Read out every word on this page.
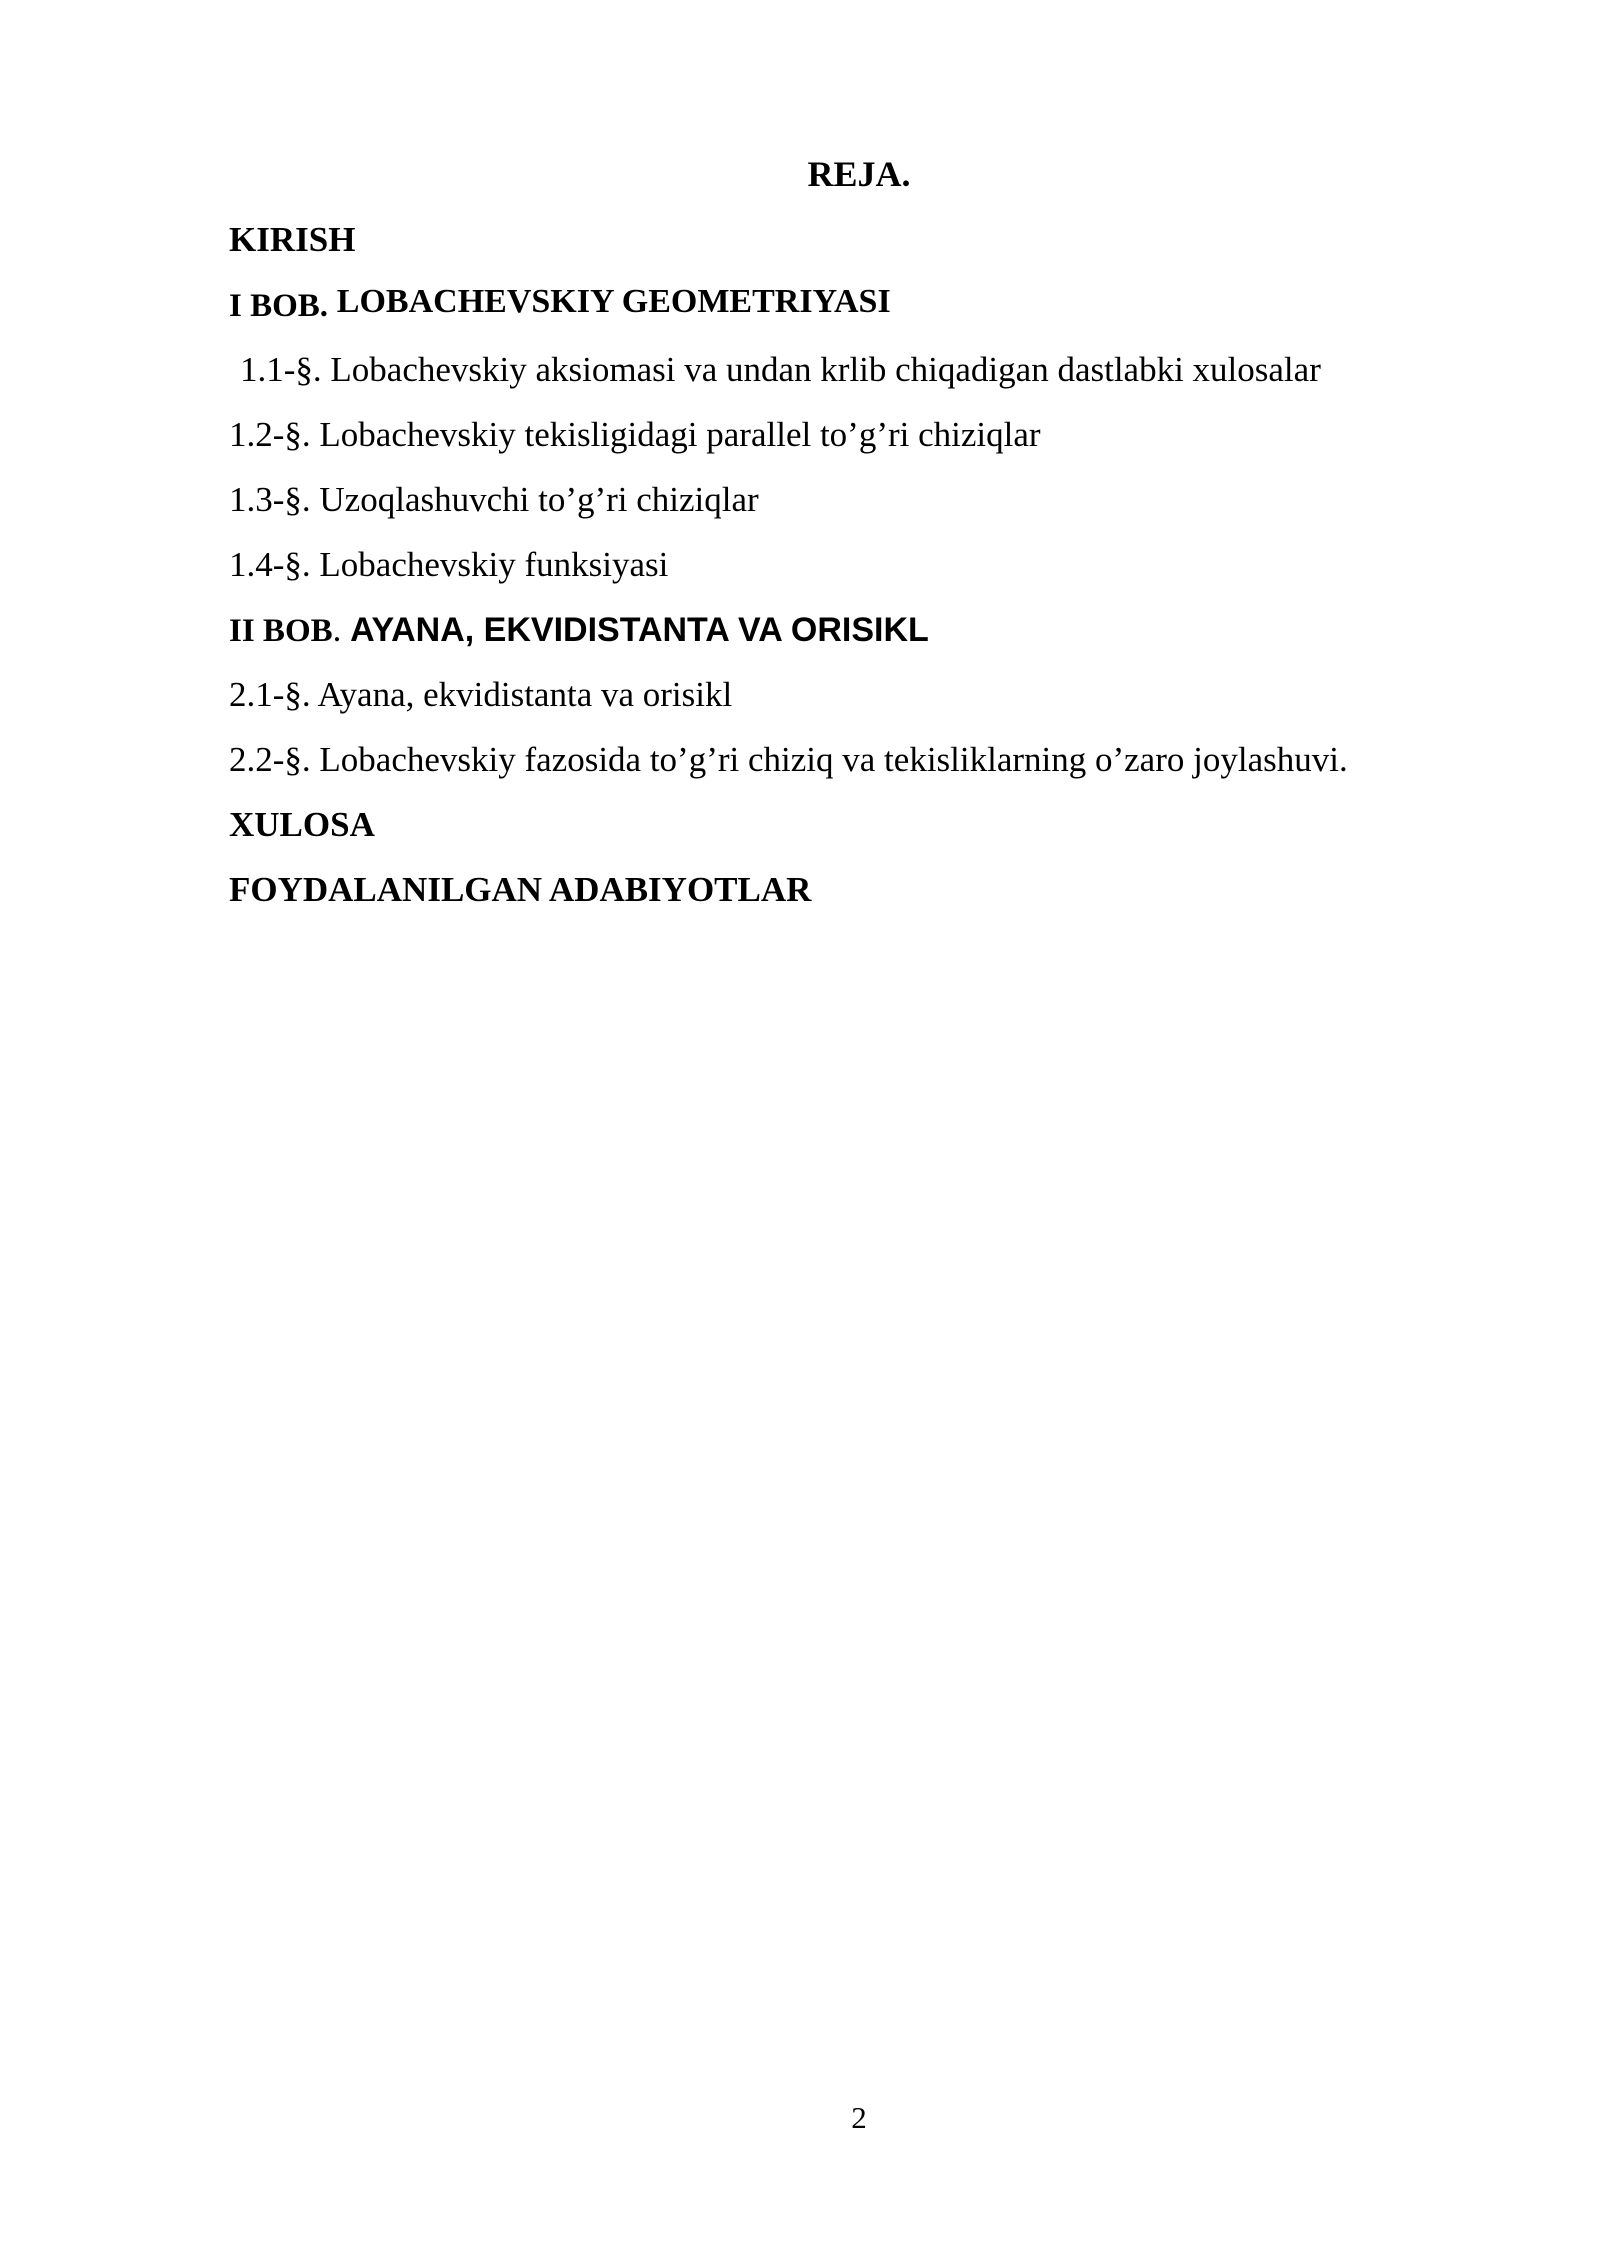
REJA.
KIRISH
I BOB. LOBACHEVSKIY GEOMETRIYASI
1.1-§. Lobachevskiy aksiomasi va undan krlib chiqadigan dastlabki xulosalar
1.2-§. Lobachevskiy tekisligidagi parallel to’g’ri chiziqlar
1.3-§. Uzoqlashuvchi to’g’ri chiziqlar
1.4-§. Lobachevskiy funksiyasi
II BOB. AYANA, EKVIDISTANTA VA ORISIKL
2.1-§. Ayana, ekvidistanta va orisikl
2.2-§. Lobachevskiy fazosida to’g’ri chiziq va tekisliklarning o’zaro joylashuvi.
XULOSA
FOYDALANILGAN ADABIYOTLAR
2
